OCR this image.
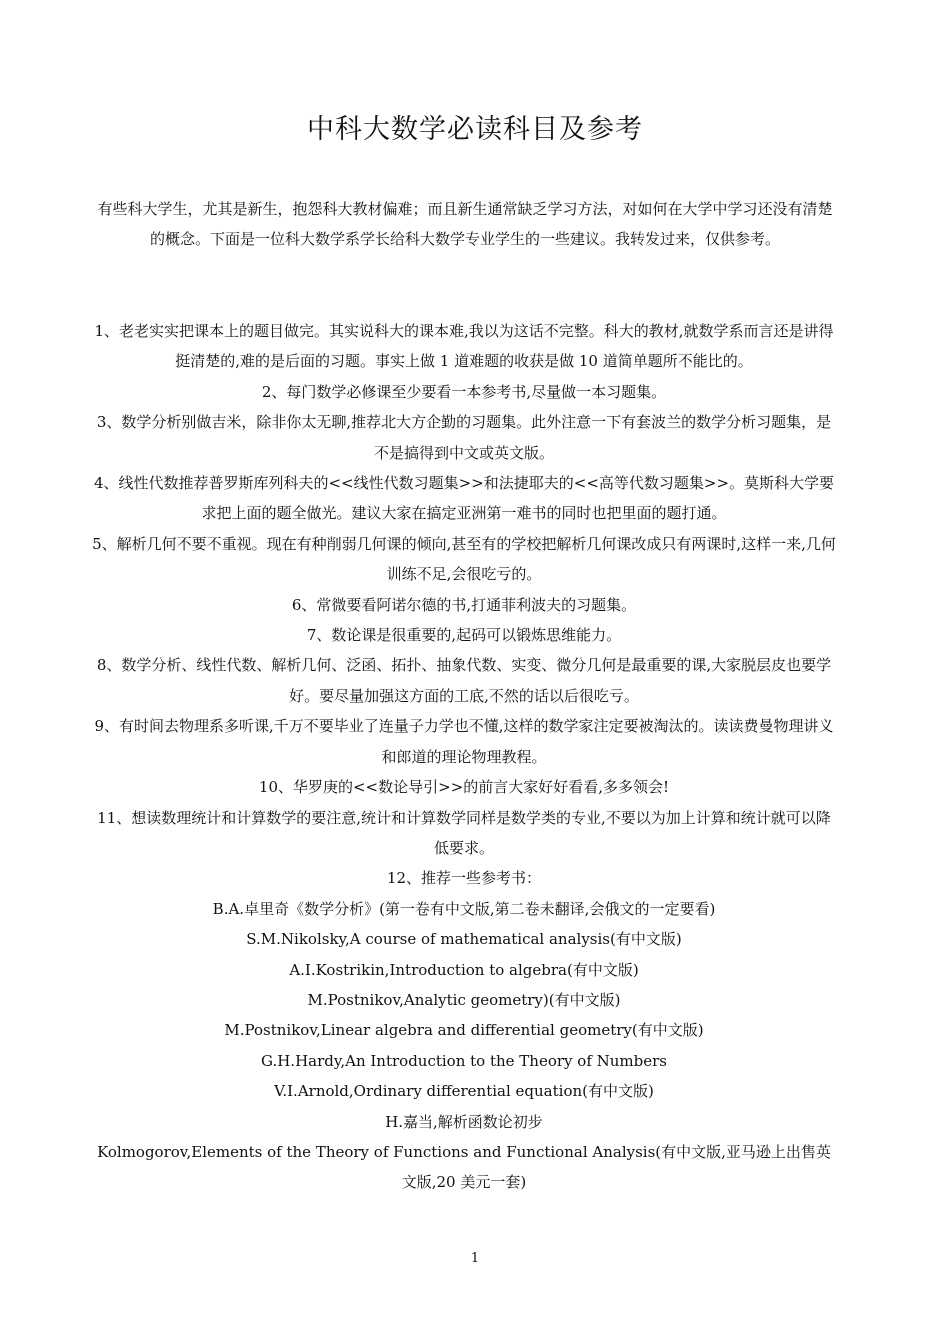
中科大数学必读科目及参考
有些科大学生，尤其是新生，抱怨科大教材偏难；而且新生通常缺乏学习方法，对如何在大学中学习还没有清楚的概念。下面是一位科大数学系学长给科大数学专业学生的一些建议。我转发过来，仅供参考。

1、老老实实把课本上的题目做完。其实说科大的课本难,我以为这话不完整。科大的教材,就数学系而言还是讲得挺清楚的,难的是后面的习题。事实上做 1 道难题的收获是做 10 道简单题所不能比的。

2、每门数学必修课至少要看一本参考书,尽量做一本习题集。

3、数学分析别做吉米，除非你太无聊,推荐北大方企勤的习题集。此外注意一下有套波兰的数学分析习题集，是不是搞得到中文或英文版。

4、线性代数推荐普罗斯库列科夫的<<线性代数习题集>>和法捷耶夫的<<高等代数习题集>>。莫斯科大学要求把上面的题全做光。建议大家在搞定亚洲第一难书的同时也把里面的题打通。

5、解析几何不要不重视。现在有种削弱几何课的倾向,甚至有的学校把解析几何课改成只有两课时,这样一来,几何训练不足,会很吃亏的。

6、常微要看阿诺尔德的书,打通菲利波夫的习题集。

7、数论课是很重要的,起码可以锻炼思维能力。

8、数学分析、线性代数、解析几何、泛函、拓扑、抽象代数、实变、微分几何是最重要的课,大家脱层皮也要学好。要尽量加强这方面的工底,不然的话以后很吃亏。

9、有时间去物理系多听课,千万不要毕业了连量子力学也不懂,这样的数学家注定要被淘汰的。读读费曼物理讲义和郎道的理论物理教程。

10、华罗庚的<<数论导引>>的前言大家好好看看,多多领会!

11、想读数理统计和计算数学的要注意,统计和计算数学同样是数学类的专业,不要以为加上计算和统计就可以降低要求。

12、推荐一些参考书：

B.A.卓里奇《数学分析》(第一卷有中文版,第二卷未翻译,会俄文的一定要看)

S.M.Nikolsky,A course of mathematical analysis(有中文版)

A.I.Kostrikin,Introduction to algebra(有中文版)

M.Postnikov,Analytic geometry)(有中文版)

M.Postnikov,Linear algebra and differential geometry(有中文版)

G.H.Hardy,An Introduction to the Theory of Numbers

V.I.Arnold,Ordinary differential equation(有中文版)

H.嘉当,解析函数论初步

Kolmogorov,Elements of the Theory of Functions and Functional Analysis(有中文版,亚马逊上出售英文版,20 美元一套)

1
